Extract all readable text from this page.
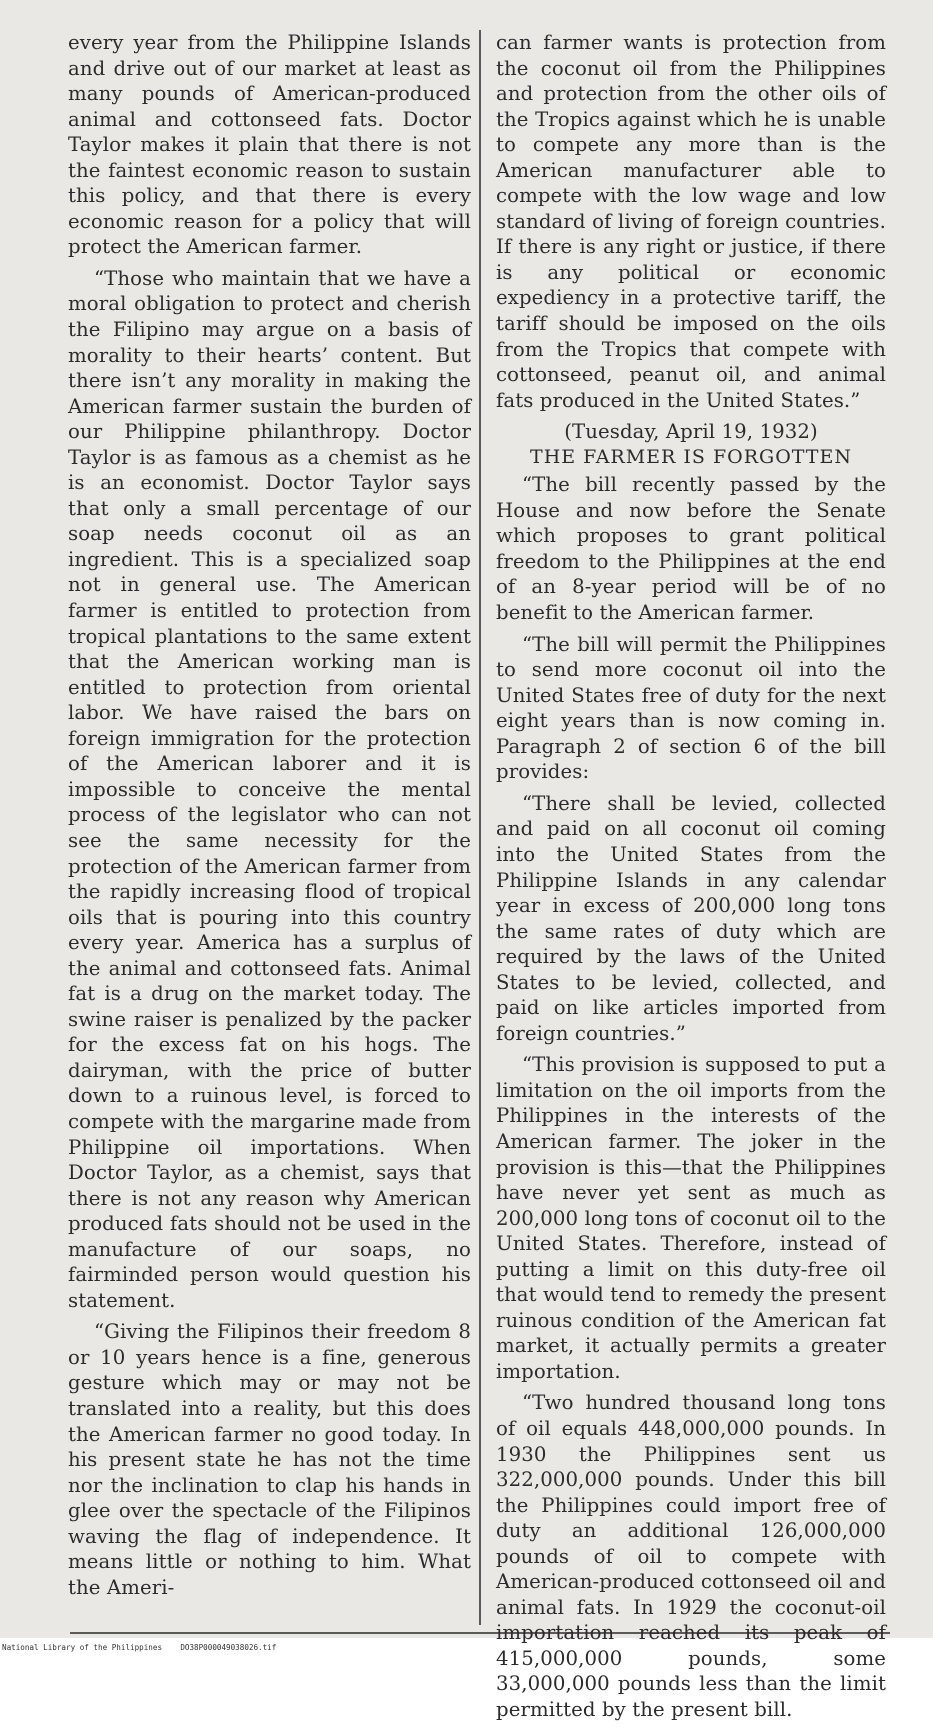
every year from the Philippine Islands and drive out of our market at least as many pounds of American-produced animal and cottonseed fats. Doctor Taylor makes it plain that there is not the faintest economic reason to sustain this policy, and that there is every economic reason for a policy that will protect the American farmer.

“Those who maintain that we have a moral obligation to protect and cherish the Filipino may argue on a basis of morality to their hearts’ content. But there isn’t any morality in making the American farmer sustain the burden of our Philippine philanthropy. Doctor Taylor is as famous as a chemist as he is an economist. Doctor Taylor says that only a small percentage of our soap needs coconut oil as an ingredient. This is a specialized soap not in general use. The American farmer is entitled to protection from tropical plantations to the same extent that the American working man is entitled to protection from oriental labor. We have raised the bars on foreign immigration for the protection of the American laborer and it is impossible to conceive the mental process of the legislator who can not see the same necessity for the protection of the American farmer from the rapidly increasing flood of tropical oils that is pouring into this country every year. America has a surplus of the animal and cottonseed fats. Animal fat is a drug on the market today. The swine raiser is penalized by the packer for the excess fat on his hogs. The dairyman, with the price of butter down to a ruinous level, is forced to compete with the margarine made from Philippine oil importations. When Doctor Taylor, as a chemist, says that there is not any reason why American produced fats should not be used in the manufacture of our soaps, no fairminded person would question his statement.

“Giving the Filipinos their freedom 8 or 10 years hence is a fine, generous gesture which may or may not be translated into a reality, but this does the American farmer no good today. In his present state he has not the time nor the inclination to clap his hands in glee over the spectacle of the Filipinos waving the flag of independence. It means little or nothing to him. What the Ameri-

can farmer wants is protection from the coconut oil from the Philippines and protection from the other oils of the Tropics against which he is unable to compete any more than is the American manufacturer able to compete with the low wage and low standard of living of foreign countries. If there is any right or justice, if there is any political or economic expediency in a protective tariff, the tariff should be imposed on the oils from the Tropics that compete with cottonseed, peanut oil, and animal fats produced in the United States.”

(Tuesday, April 19, 1932)

THE FARMER IS FORGOTTEN

“The bill recently passed by the House and now before the Senate which proposes to grant political freedom to the Philippines at the end of an 8-year period will be of no benefit to the American farmer.

“The bill will permit the Philippines to send more coconut oil into the United States free of duty for the next eight years than is now coming in. Paragraph 2 of section 6 of the bill provides:

“There shall be levied, collected and paid on all coconut oil coming into the United States from the Philippine Islands in any calendar year in excess of 200,000 long tons the same rates of duty which are required by the laws of the United States to be levied, collected, and paid on like articles imported from foreign countries.”

“This provision is supposed to put a limitation on the oil imports from the Philippines in the interests of the American farmer. The joker in the provision is this—that the Philippines have never yet sent as much as 200,000 long tons of coconut oil to the United States. Therefore, instead of putting a limit on this duty-free oil that would tend to remedy the present ruinous condition of the American fat market, it actually permits a greater importation.

“Two hundred thousand long tons of oil equals 448,000,000 pounds. In 1930 the Philippines sent us 322,000,000 pounds. Under this bill the Philippines could import free of duty an additional 126,000,000 pounds of oil to compete with American-produced cottonseed oil and animal fats. In 1929 the coconut-oil importation reached its peak of 415,000,000 pounds, some 33,000,000 pounds less than the limit permitted by the present bill.

National Library of the Philippines DO38P000049038026.tif
